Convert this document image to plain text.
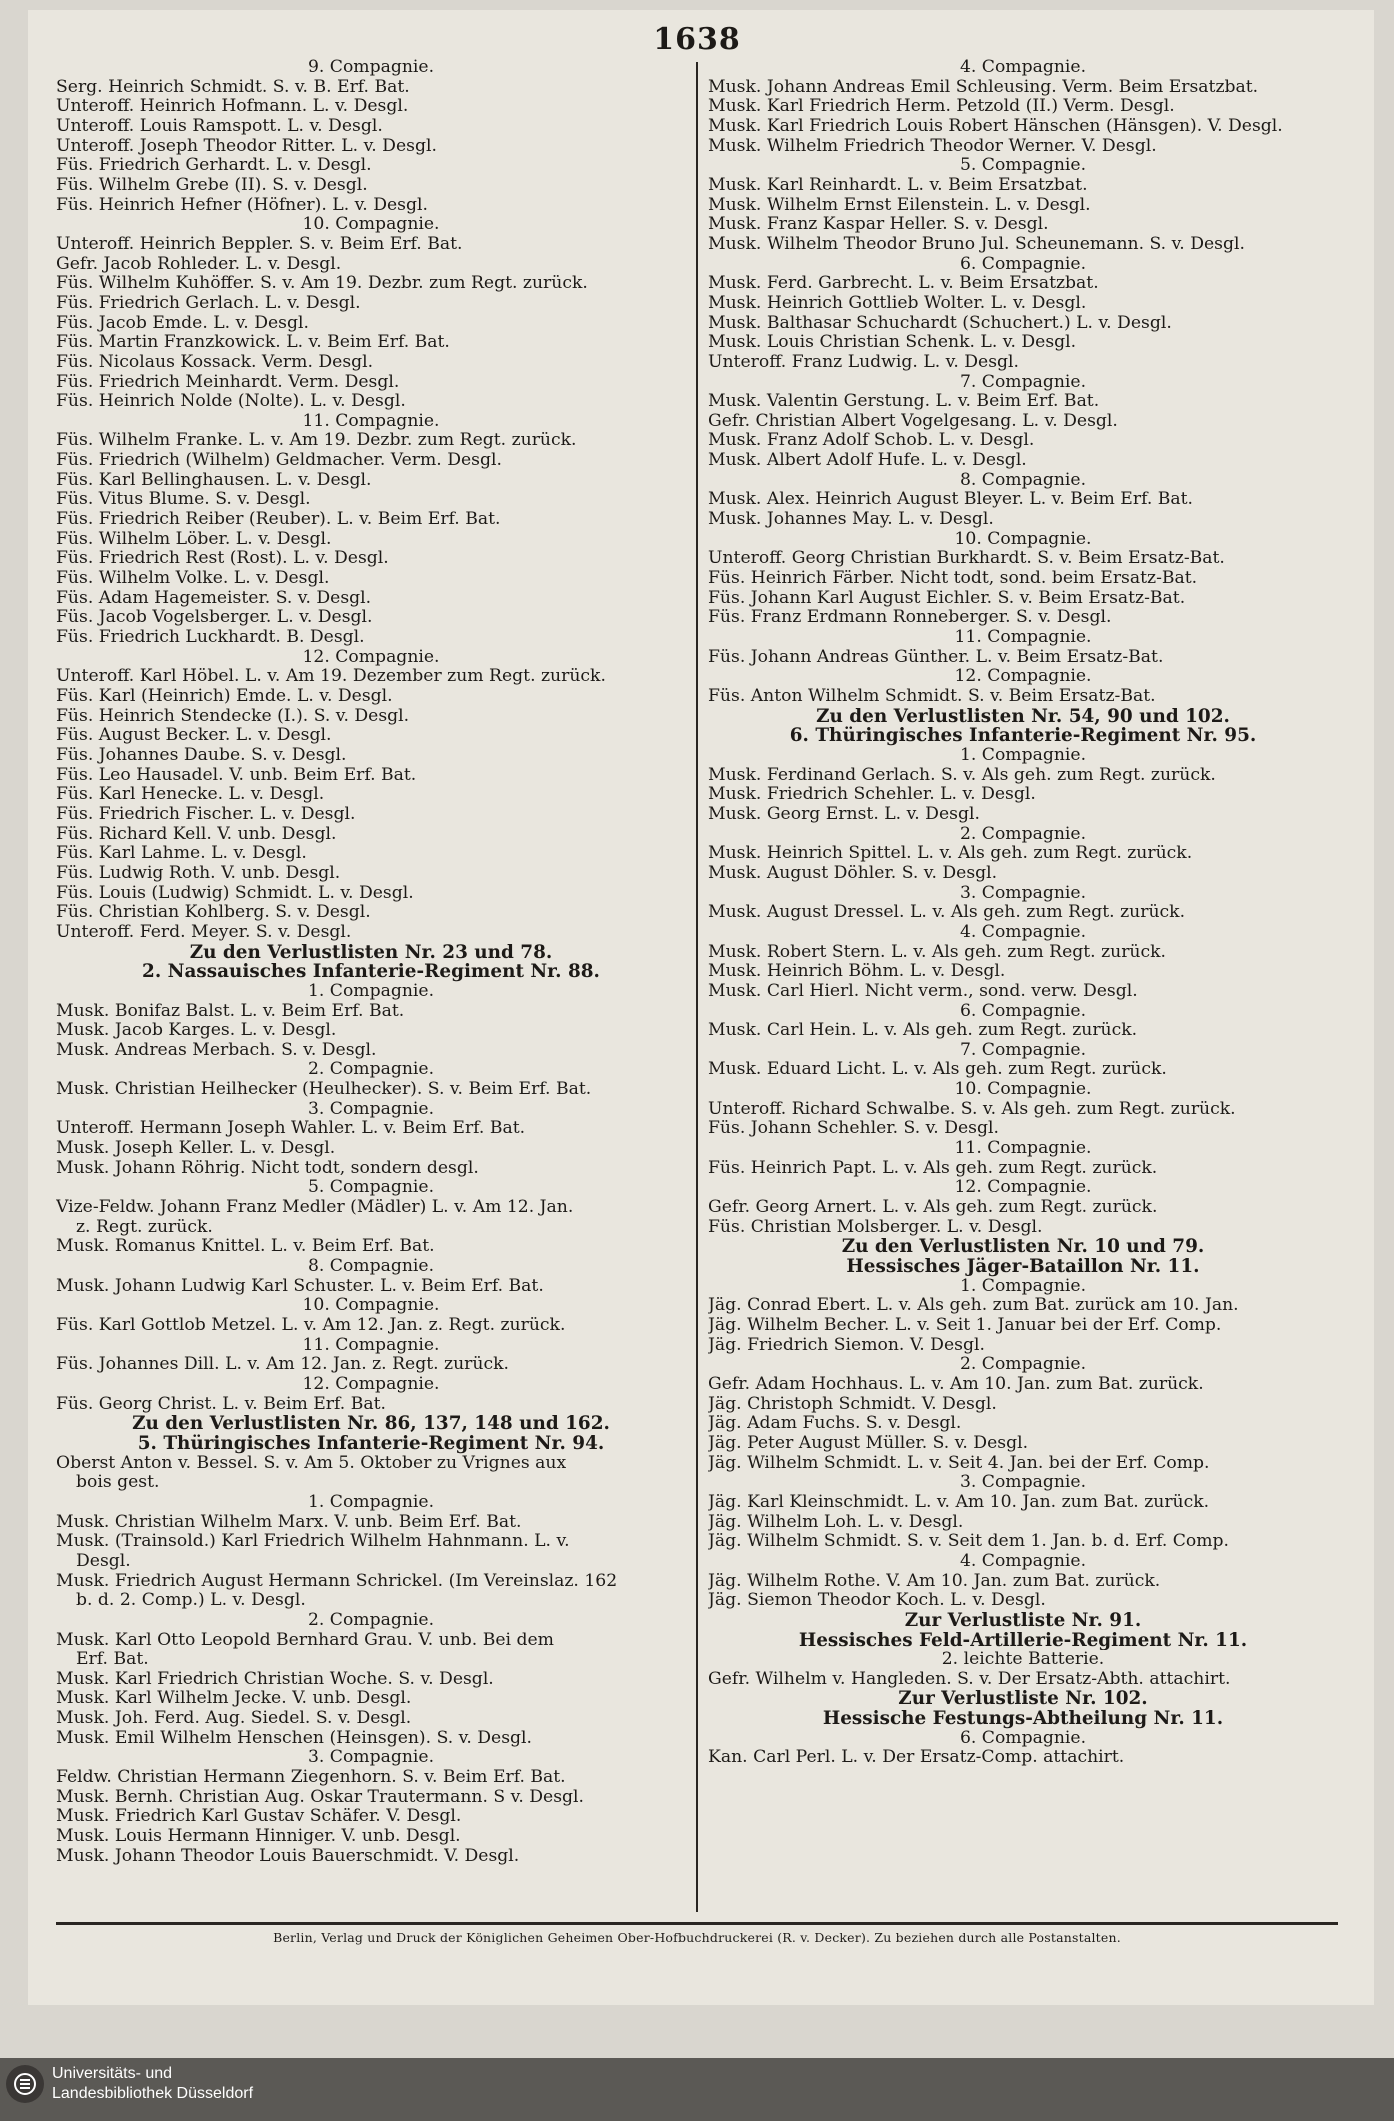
1638
9. Compagnie.
Serg. Heinrich Schmidt. S. v. B. Erf. Bat.
Unteroff. Heinrich Hofmann. L. v. Desgl.
Unteroff. Louis Ramspott. L. v. Desgl.
Unteroff. Joseph Theodor Ritter. L. v. Desgl.
Füs. Friedrich Gerhardt. L. v. Desgl.
Füs. Wilhelm Grebe (II). S. v. Desgl.
Füs. Heinrich Hefner (Höfner). L. v. Desgl.
10. Compagnie.
Unteroff. Heinrich Beppler. S. v. Beim Erf. Bat.
Gefr. Jacob Rohleder. L. v. Desgl.
Füs. Wilhelm Kuhöffer. S. v. Am 19. Dezbr. zum Regt. zurück.
Füs. Friedrich Gerlach. L. v. Desgl.
Füs. Jacob Emde. L. v. Desgl.
Füs. Martin Franzkowick. L. v. Beim Erf. Bat.
Füs. Nicolaus Kossack. Verm. Desgl.
Füs. Friedrich Meinhardt. Verm. Desgl.
Füs. Heinrich Nolde (Nolte). L. v. Desgl.
11. Compagnie.
Füs. Wilhelm Franke. L. v. Am 19. Dezbr. zum Regt. zurück.
Füs. Friedrich (Wilhelm) Geldmacher. Verm. Desgl.
Füs. Karl Bellinghausen. L. v. Desgl.
Füs. Vitus Blume. S. v. Desgl.
Füs. Friedrich Reiber (Reuber). L. v. Beim Erf. Bat.
Füs. Wilhelm Löber. L. v. Desgl.
Füs. Friedrich Rest (Rost). L. v. Desgl.
Füs. Wilhelm Volke. L. v. Desgl.
Füs. Adam Hagemeister. S. v. Desgl.
Füs. Jacob Vogelsberger. L. v. Desgl.
Füs. Friedrich Luckhardt. B. Desgl.
12. Compagnie.
Unteroff. Karl Höbel. L. v. Am 19. Dezember zum Regt. zurück.
Füs. Karl (Heinrich) Emde. L. v. Desgl.
Füs. Heinrich Stendecke (I.). S. v. Desgl.
Füs. August Becker. L. v. Desgl.
Füs. Johannes Daube. S. v. Desgl.
Füs. Leo Hausadel. V. unb. Beim Erf. Bat.
Füs. Karl Henecke. L. v. Desgl.
Füs. Friedrich Fischer. L. v. Desgl.
Füs. Richard Kell. V. unb. Desgl.
Füs. Karl Lahme. L. v. Desgl.
Füs. Ludwig Roth. V. unb. Desgl.
Füs. Louis (Ludwig) Schmidt. L. v. Desgl.
Füs. Christian Kohlberg. S. v. Desgl.
Unteroff. Ferd. Meyer. S. v. Desgl.
Zu den Verlustlisten Nr. 23 und 78.
2. Nassauisches Infanterie-Regiment Nr. 88.
1. Compagnie.
Musk. Bonifaz Balst. L. v. Beim Erf. Bat.
Musk. Jacob Karges. L. v. Desgl.
Musk. Andreas Merbach. S. v. Desgl.
2. Compagnie.
Musk. Christian Heilhecker (Heulhecker). S. v. Beim Erf. Bat.
3. Compagnie.
Unteroff. Hermann Joseph Wahler. L. v. Beim Erf. Bat.
Musk. Joseph Keller. L. v. Desgl.
Musk. Johann Röhrig. Nicht todt, sondern desgl.
5. Compagnie.
Vize-Feldw. Johann Franz Medler (Mädler) L. v. Am 12. Jan.
z. Regt. zurück.
Musk. Romanus Knittel. L. v. Beim Erf. Bat.
8. Compagnie.
Musk. Johann Ludwig Karl Schuster. L. v. Beim Erf. Bat.
10. Compagnie.
Füs. Karl Gottlob Metzel. L. v. Am 12. Jan. z. Regt. zurück.
11. Compagnie.
Füs. Johannes Dill. L. v. Am 12. Jan. z. Regt. zurück.
12. Compagnie.
Füs. Georg Christ. L. v. Beim Erf. Bat.
Zu den Verlustlisten Nr. 86, 137, 148 und 162.
5. Thüringisches Infanterie-Regiment Nr. 94.
Oberst Anton v. Bessel. S. v. Am 5. Oktober zu Vrignes aux
bois gest.
1. Compagnie.
Musk. Christian Wilhelm Marx. V. unb. Beim Erf. Bat.
Musk. (Trainsold.) Karl Friedrich Wilhelm Hahnmann. L. v.
Desgl.
Musk. Friedrich August Hermann Schrickel. (Im Vereinslaz. 162
b. d. 2. Comp.) L. v. Desgl.
2. Compagnie.
Musk. Karl Otto Leopold Bernhard Grau. V. unb. Bei dem
Erf. Bat.
Musk. Karl Friedrich Christian Woche. S. v. Desgl.
Musk. Karl Wilhelm Jecke. V. unb. Desgl.
Musk. Joh. Ferd. Aug. Siedel. S. v. Desgl.
Musk. Emil Wilhelm Henschen (Heinsgen). S. v. Desgl.
3. Compagnie.
Feldw. Christian Hermann Ziegenhorn. S. v. Beim Erf. Bat.
Musk. Bernh. Christian Aug. Oskar Trautermann. S v. Desgl.
Musk. Friedrich Karl Gustav Schäfer. V. Desgl.
Musk. Louis Hermann Hinniger. V. unb. Desgl.
Musk. Johann Theodor Louis Bauerschmidt. V. Desgl.
4. Compagnie.
Musk. Johann Andreas Emil Schleusing. Verm. Beim Ersatzbat.
Musk. Karl Friedrich Herm. Petzold (II.) Verm. Desgl.
Musk. Karl Friedrich Louis Robert Hänschen (Hänsgen). V. Desgl.
Musk. Wilhelm Friedrich Theodor Werner. V. Desgl.
5. Compagnie.
Musk. Karl Reinhardt. L. v. Beim Ersatzbat.
Musk. Wilhelm Ernst Eilenstein. L. v. Desgl.
Musk. Franz Kaspar Heller. S. v. Desgl.
Musk. Wilhelm Theodor Bruno Jul. Scheunemann. S. v. Desgl.
6. Compagnie.
Musk. Ferd. Garbrecht. L. v. Beim Ersatzbat.
Musk. Heinrich Gottlieb Wolter. L. v. Desgl.
Musk. Balthasar Schuchardt (Schuchert.) L. v. Desgl.
Musk. Louis Christian Schenk. L. v. Desgl.
Unteroff. Franz Ludwig. L. v. Desgl.
7. Compagnie.
Musk. Valentin Gerstung. L. v. Beim Erf. Bat.
Gefr. Christian Albert Vogelgesang. L. v. Desgl.
Musk. Franz Adolf Schob. L. v. Desgl.
Musk. Albert Adolf Hufe. L. v. Desgl.
8. Compagnie.
Musk. Alex. Heinrich August Bleyer. L. v. Beim Erf. Bat.
Musk. Johannes May. L. v. Desgl.
10. Compagnie.
Unteroff. Georg Christian Burkhardt. S. v. Beim Ersatz-Bat.
Füs. Heinrich Färber. Nicht todt, sond. beim Ersatz-Bat.
Füs. Johann Karl August Eichler. S. v. Beim Ersatz-Bat.
Füs. Franz Erdmann Ronneberger. S. v. Desgl.
11. Compagnie.
Füs. Johann Andreas Günther. L. v. Beim Ersatz-Bat.
12. Compagnie.
Füs. Anton Wilhelm Schmidt. S. v. Beim Ersatz-Bat.
Zu den Verlustlisten Nr. 54, 90 und 102.
6. Thüringisches Infanterie-Regiment Nr. 95.
1. Compagnie.
Musk. Ferdinand Gerlach. S. v. Als geh. zum Regt. zurück.
Musk. Friedrich Schehler. L. v. Desgl.
Musk. Georg Ernst. L. v. Desgl.
2. Compagnie.
Musk. Heinrich Spittel. L. v. Als geh. zum Regt. zurück.
Musk. August Döhler. S. v. Desgl.
3. Compagnie.
Musk. August Dressel. L. v. Als geh. zum Regt. zurück.
4. Compagnie.
Musk. Robert Stern. L. v. Als geh. zum Regt. zurück.
Musk. Heinrich Böhm. L. v. Desgl.
Musk. Carl Hierl. Nicht verm., sond. verw. Desgl.
6. Compagnie.
Musk. Carl Hein. L. v. Als geh. zum Regt. zurück.
7. Compagnie.
Musk. Eduard Licht. L. v. Als geh. zum Regt. zurück.
10. Compagnie.
Unteroff. Richard Schwalbe. S. v. Als geh. zum Regt. zurück.
Füs. Johann Schehler. S. v. Desgl.
11. Compagnie.
Füs. Heinrich Papt. L. v. Als geh. zum Regt. zurück.
12. Compagnie.
Gefr. Georg Arnert. L. v. Als geh. zum Regt. zurück.
Füs. Christian Molsberger. L. v. Desgl.
Zu den Verlustlisten Nr. 10 und 79.
Hessisches Jäger-Bataillon Nr. 11.
1. Compagnie.
Jäg. Conrad Ebert. L. v. Als geh. zum Bat. zurück am 10. Jan.
Jäg. Wilhelm Becher. L. v. Seit 1. Januar bei der Erf. Comp.
Jäg. Friedrich Siemon. V. Desgl.
2. Compagnie.
Gefr. Adam Hochhaus. L. v. Am 10. Jan. zum Bat. zurück.
Jäg. Christoph Schmidt. V. Desgl.
Jäg. Adam Fuchs. S. v. Desgl.
Jäg. Peter August Müller. S. v. Desgl.
Jäg. Wilhelm Schmidt. L. v. Seit 4. Jan. bei der Erf. Comp.
3. Compagnie.
Jäg. Karl Kleinschmidt. L. v. Am 10. Jan. zum Bat. zurück.
Jäg. Wilhelm Loh. L. v. Desgl.
Jäg. Wilhelm Schmidt. S. v. Seit dem 1. Jan. b. d. Erf. Comp.
4. Compagnie.
Jäg. Wilhelm Rothe. V. Am 10. Jan. zum Bat. zurück.
Jäg. Siemon Theodor Koch. L. v. Desgl.
Zur Verlustliste Nr. 91.
Hessisches Feld-Artillerie-Regiment Nr. 11.
2. leichte Batterie.
Gefr. Wilhelm v. Hangleden. S. v. Der Ersatz-Abth. attachirt.
Zur Verlustliste Nr. 102.
Hessische Festungs-Abtheilung Nr. 11.
6. Compagnie.
Kan. Carl Perl. L. v. Der Ersatz-Comp. attachirt.
Berlin, Verlag und Druck der Königlichen Geheimen Ober-Hofbuchdruckerei (R. v. Decker). Zu beziehen durch alle Postanstalten.
Universitäts- und
Landesbibliothek Düsseldorf
